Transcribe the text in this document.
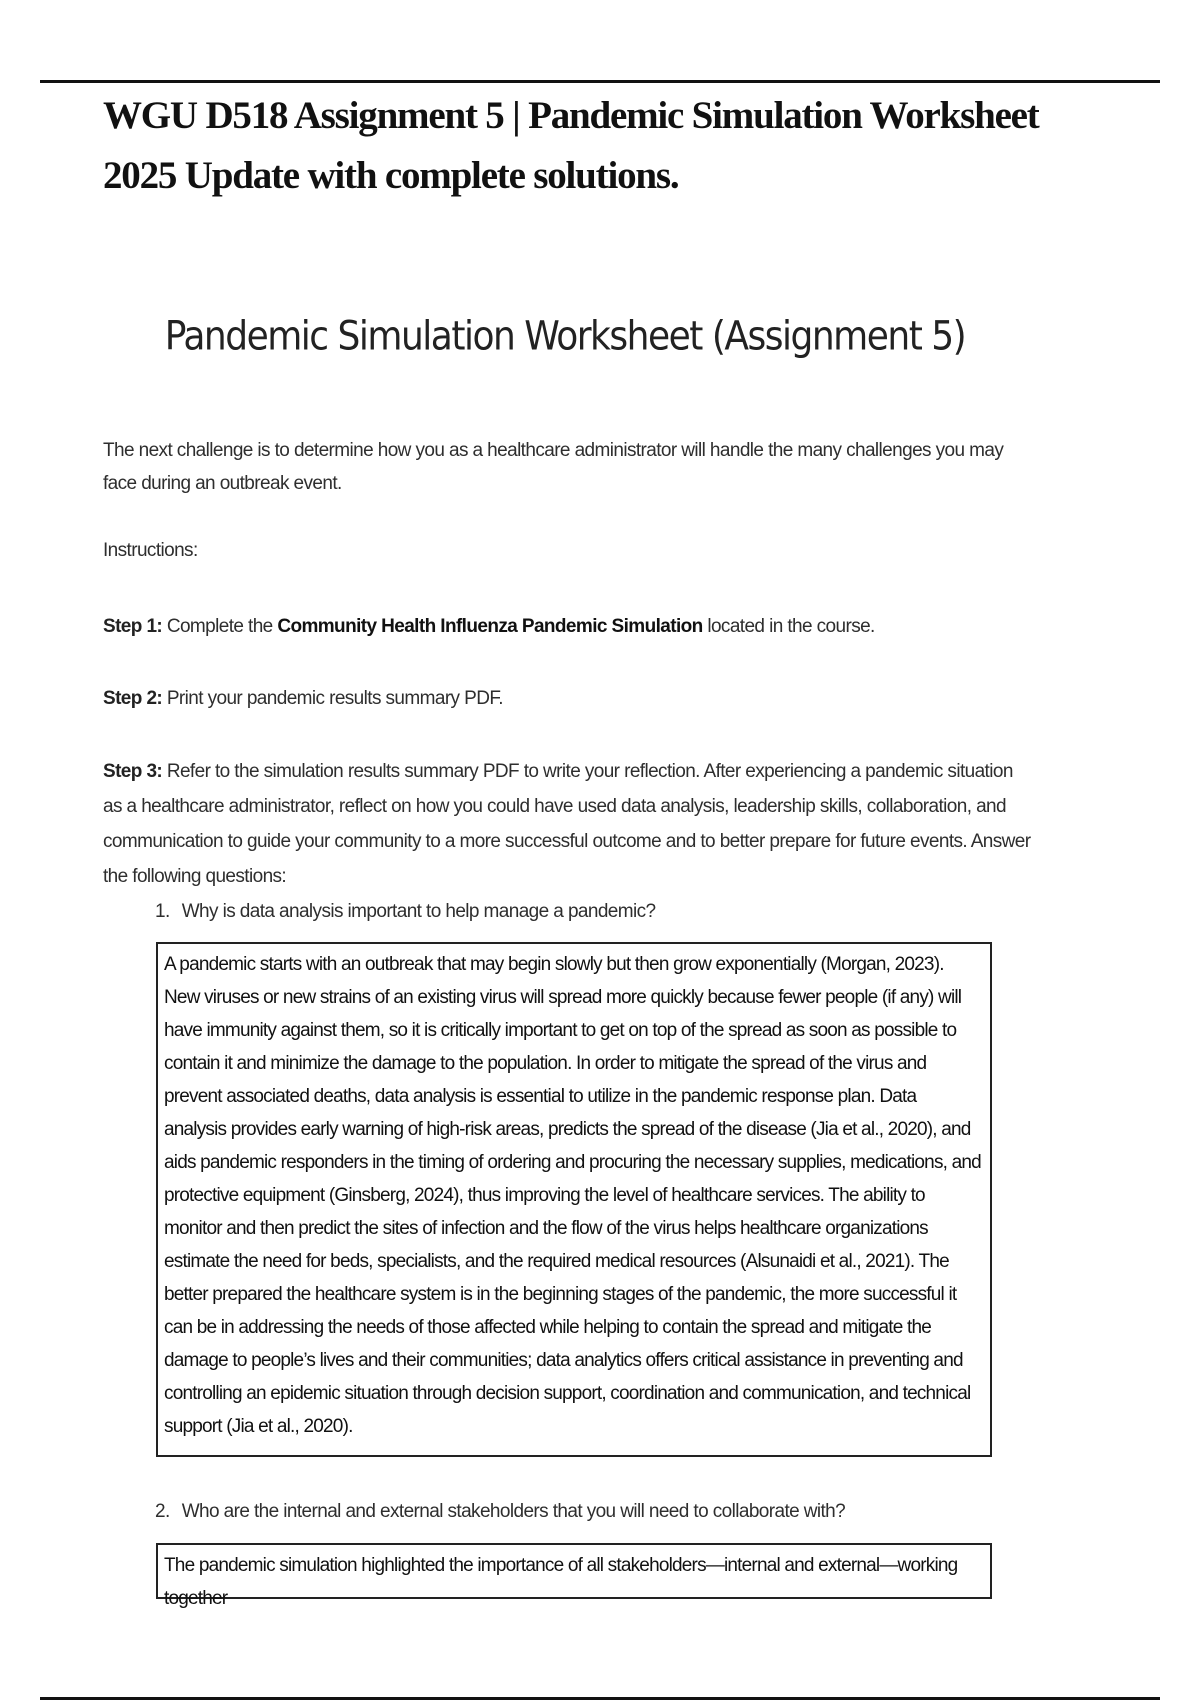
WGU D518 Assignment 5 | Pandemic Simulation Worksheet 2025 Update with complete solutions.
Pandemic Simulation Worksheet (Assignment 5)

The next challenge is to determine how you as a healthcare administrator will handle the many challenges you may face during an outbreak event.

Instructions:

Step 1: Complete the Community Health Influenza Pandemic Simulation located in the course.

Step 2: Print your pandemic results summary PDF.

Step 3: Refer to the simulation results summary PDF to write your reflection. After experiencing a pandemic situation as a healthcare administrator, reflect on how you could have used data analysis, leadership skills, collaboration, and communication to guide your community to a more successful outcome and to better prepare for future events. Answer the following questions:

1. Why is data analysis important to help manage a pandemic?

A pandemic starts with an outbreak that may begin slowly but then grow exponentially (Morgan, 2023). New viruses or new strains of an existing virus will spread more quickly because fewer people (if any) will have immunity against them, so it is critically important to get on top of the spread as soon as possible to contain it and minimize the damage to the population. In order to mitigate the spread of the virus and prevent associated deaths, data analysis is essential to utilize in the pandemic response plan. Data analysis provides early warning of high-risk areas, predicts the spread of the disease (Jia et al., 2020), and aids pandemic responders in the timing of ordering and procuring the necessary supplies, medications, and protective equipment (Ginsberg, 2024), thus improving the level of healthcare services. The ability to monitor and then predict the sites of infection and the flow of the virus helps healthcare organizations estimate the need for beds, specialists, and the required medical resources (Alsunaidi et al., 2021). The better prepared the healthcare system is in the beginning stages of the pandemic, the more successful it can be in addressing the needs of those affected while helping to contain the spread and mitigate the damage to people’s lives and their communities; data analytics offers critical assistance in preventing and controlling an epidemic situation through decision support, coordination and communication, and technical support (Jia et al., 2020).

2. Who are the internal and external stakeholders that you will need to collaborate with?

The pandemic simulation highlighted the importance of all stakeholders—internal and external—working together
